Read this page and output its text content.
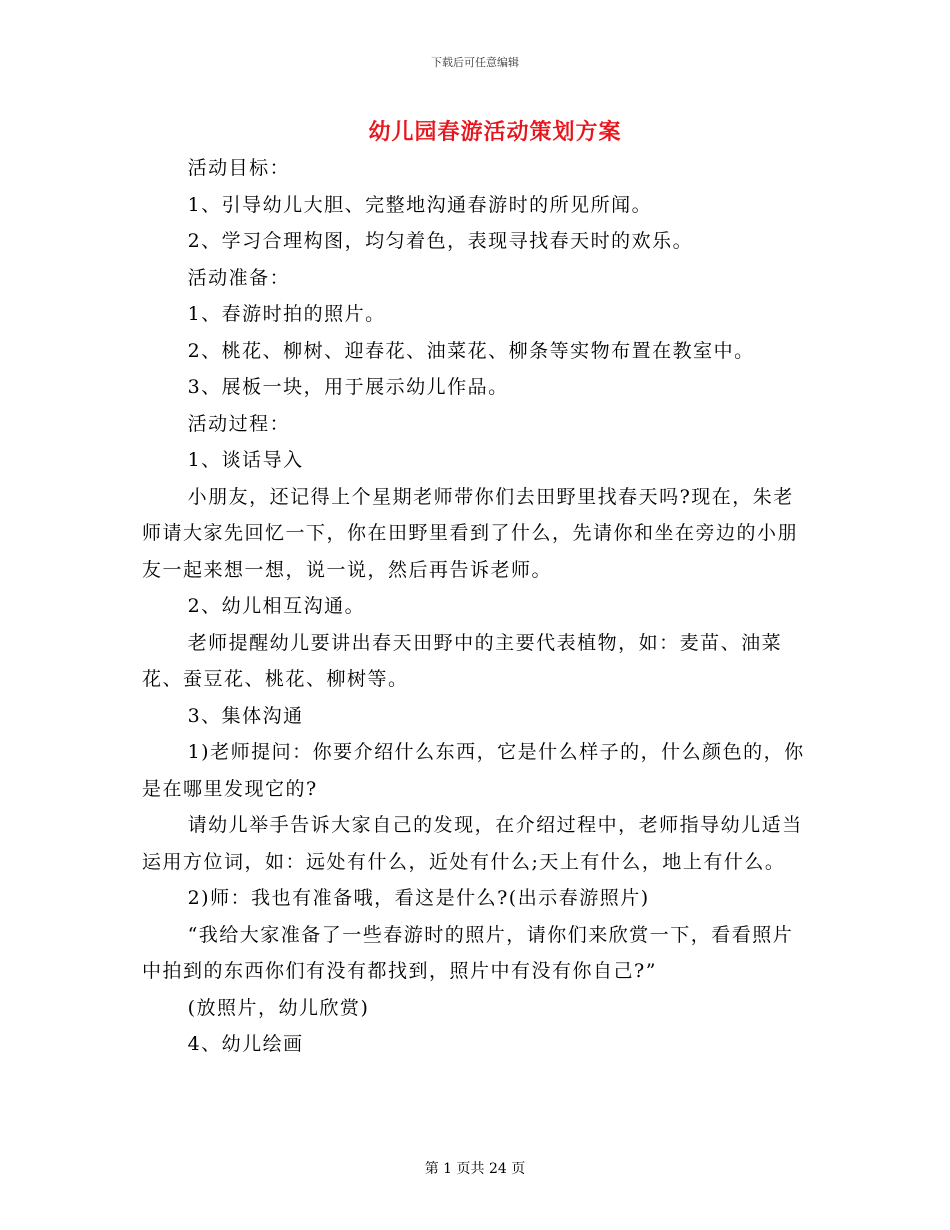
下载后可任意编辑
幼儿园春游活动策划方案

活动目标：

1、引导幼儿大胆、完整地沟通春游时的所见所闻。

2、学习合理构图，均匀着色，表现寻找春天时的欢乐。

活动准备：

1、春游时拍的照片。

2、桃花、柳树、迎春花、油菜花、柳条等实物布置在教室中。

3、展板一块，用于展示幼儿作品。

活动过程：

1、谈话导入

小朋友，还记得上个星期老师带你们去田野里找春天吗?现在，朱老师请大家先回忆一下，你在田野里看到了什么，先请你和坐在旁边的小朋友一起来想一想，说一说，然后再告诉老师。

2、幼儿相互沟通。

老师提醒幼儿要讲出春天田野中的主要代表植物，如：麦苗、油菜花、蚕豆花、桃花、柳树等。

3、集体沟通

1)老师提问：你要介绍什么东西，它是什么样子的，什么颜色的，你是在哪里发现它的?

请幼儿举手告诉大家自己的发现，在介绍过程中，老师指导幼儿适当运用方位词，如：远处有什么，近处有什么;天上有什么，地上有什么。

2)师：我也有准备哦，看这是什么?(出示春游照片)

“我给大家准备了一些春游时的照片，请你们来欣赏一下，看看照片中拍到的东西你们有没有都找到，照片中有没有你自己?”

(放照片，幼儿欣赏)

4、幼儿绘画

第 1 页共 24 页
